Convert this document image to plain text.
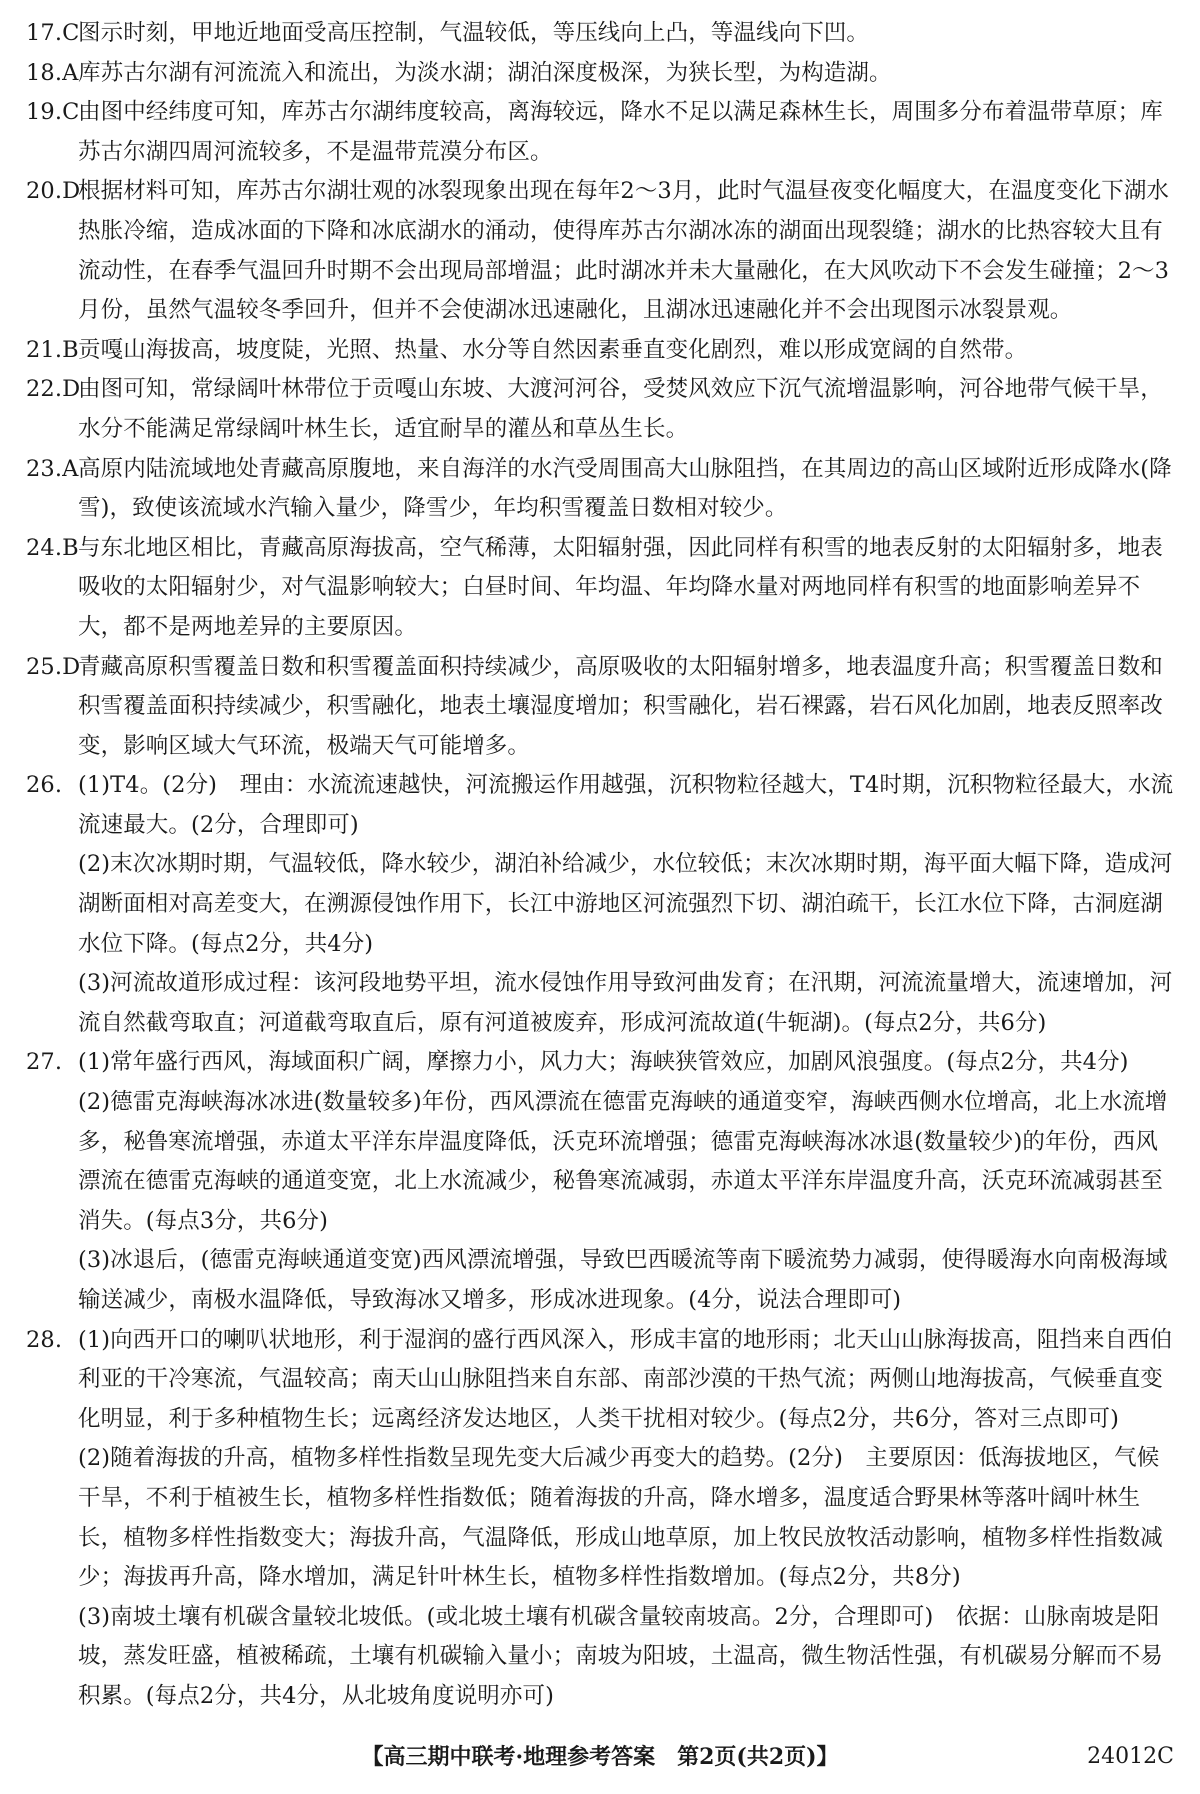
17.C图示时刻，甲地近地面受高压控制，气温较低，等压线向上凸，等温线向下凹。

18.A库苏古尔湖有河流流入和流出，为淡水湖；湖泊深度极深，为狭长型，为构造湖。

19.C由图中经纬度可知，库苏古尔湖纬度较高，离海较远，降水不足以满足森林生长，周围多分布着温带草原；库苏古尔湖四周河流较多，不是温带荒漠分布区。

20.D根据材料可知，库苏古尔湖壮观的冰裂现象出现在每年2～3月，此时气温昼夜变化幅度大，在温度变化下湖水热胀冷缩，造成冰面的下降和冰底湖水的涌动，使得库苏古尔湖冰冻的湖面出现裂缝；湖水的比热容较大且有流动性，在春季气温回升时期不会出现局部增温；此时湖冰并未大量融化，在大风吹动下不会发生碰撞；2～3月份，虽然气温较冬季回升，但并不会使湖冰迅速融化，且湖冰迅速融化并不会出现图示冰裂景观。

21.B贡嘎山海拔高，坡度陡，光照、热量、水分等自然因素垂直变化剧烈，难以形成宽阔的自然带。

22.D由图可知，常绿阔叶林带位于贡嘎山东坡、大渡河河谷，受焚风效应下沉气流增温影响，河谷地带气候干旱，水分不能满足常绿阔叶林生长，适宜耐旱的灌丛和草丛生长。

23.A高原内陆流域地处青藏高原腹地，来自海洋的水汽受周围高大山脉阻挡，在其周边的高山区域附近形成降水(降雪)，致使该流域水汽输入量少，降雪少，年均积雪覆盖日数相对较少。

24.B与东北地区相比，青藏高原海拔高，空气稀薄，太阳辐射强，因此同样有积雪的地表反射的太阳辐射多，地表吸收的太阳辐射少，对气温影响较大；白昼时间、年均温、年均降水量对两地同样有积雪的地面影响差异不大，都不是两地差异的主要原因。

25.D青藏高原积雪覆盖日数和积雪覆盖面积持续减少，高原吸收的太阳辐射增多，地表温度升高；积雪覆盖日数和积雪覆盖面积持续减少，积雪融化，地表土壤湿度增加；积雪融化，岩石裸露，岩石风化加剧，地表反照率改变，影响区域大气环流，极端天气可能增多。

26. (1)T4。(2分)　理由：水流流速越快，河流搬运作用越强，沉积物粒径越大，T4时期，沉积物粒径最大，水流流速最大。(2分，合理即可)

(2)末次冰期时期，气温较低，降水较少，湖泊补给减少，水位较低；末次冰期时期，海平面大幅下降，造成河湖断面相对高差变大，在溯源侵蚀作用下，长江中游地区河流强烈下切、湖泊疏干，长江水位下降，古洞庭湖水位下降。(每点2分，共4分)

(3)河流故道形成过程：该河段地势平坦，流水侵蚀作用导致河曲发育；在汛期，河流流量增大，流速增加，河流自然截弯取直；河道截弯取直后，原有河道被废弃，形成河流故道(牛轭湖)。(每点2分，共6分)

27. (1)常年盛行西风，海域面积广阔，摩擦力小，风力大；海峡狭管效应，加剧风浪强度。(每点2分，共4分)

(2)德雷克海峡海冰冰进(数量较多)年份，西风漂流在德雷克海峡的通道变窄，海峡西侧水位增高，北上水流增多，秘鲁寒流增强，赤道太平洋东岸温度降低，沃克环流增强；德雷克海峡海冰冰退(数量较少)的年份，西风漂流在德雷克海峡的通道变宽，北上水流减少，秘鲁寒流减弱，赤道太平洋东岸温度升高，沃克环流减弱甚至消失。(每点3分，共6分)

(3)冰退后，(德雷克海峡通道变宽)西风漂流增强，导致巴西暖流等南下暖流势力减弱，使得暖海水向南极海域输送减少，南极水温降低，导致海冰又增多，形成冰进现象。(4分，说法合理即可)

28. (1)向西开口的喇叭状地形，利于湿润的盛行西风深入，形成丰富的地形雨；北天山山脉海拔高，阻挡来自西伯利亚的干冷寒流，气温较高；南天山山脉阻挡来自东部、南部沙漠的干热气流；两侧山地海拔高，气候垂直变化明显，利于多种植物生长；远离经济发达地区，人类干扰相对较少。(每点2分，共6分，答对三点即可)

(2)随着海拔的升高，植物多样性指数呈现先变大后减少再变大的趋势。(2分)　主要原因：低海拔地区，气候干旱，不利于植被生长，植物多样性指数低；随着海拔的升高，降水增多，温度适合野果林等落叶阔叶林生长，植物多样性指数变大；海拔升高，气温降低，形成山地草原，加上牧民放牧活动影响，植物多样性指数减少；海拔再升高，降水增加，满足针叶林生长，植物多样性指数增加。(每点2分，共8分)

(3)南坡土壤有机碳含量较北坡低。(或北坡土壤有机碳含量较南坡高。2分，合理即可)　依据：山脉南坡是阳坡，蒸发旺盛，植被稀疏，土壤有机碳输入量小；南坡为阳坡，土温高，微生物活性强，有机碳易分解而不易积累。(每点2分，共4分，从北坡角度说明亦可)

【高三期中联考·地理参考答案　第2页(共2页)】	24012C
